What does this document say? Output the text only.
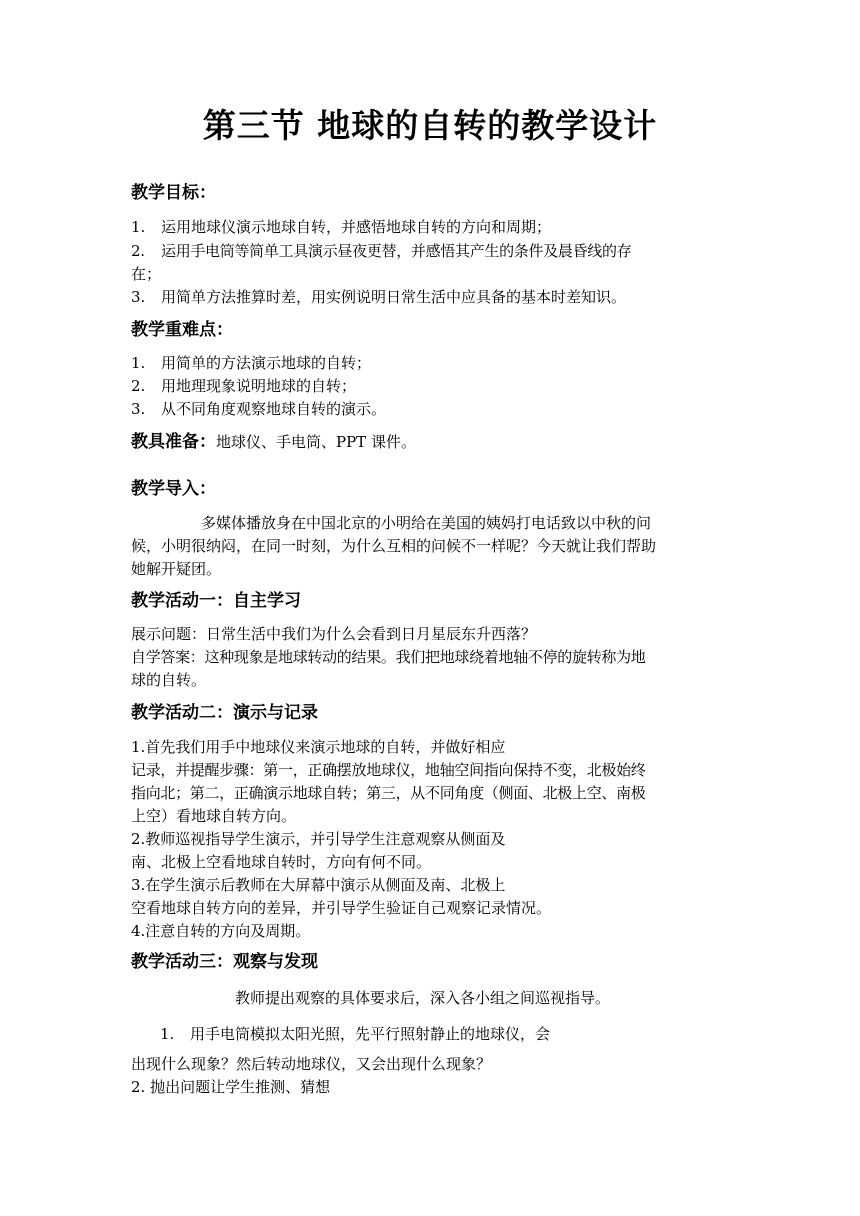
第三节 地球的自转的教学设计
教学目标：
1. 运用地球仪演示地球自转，并感悟地球自转的方向和周期；
2. 运用手电筒等简单工具演示昼夜更替，并感悟其产生的条件及晨昏线的存
在；
3. 用简单方法推算时差，用实例说明日常生活中应具备的基本时差知识。
教学重难点：
1. 用简单的方法演示地球的自转；
2. 用地理现象说明地球的自转；
3. 从不同角度观察地球自转的演示。
教具准备：地球仪、手电筒、PPT 课件。
教学导入：
多媒体播放身在中国北京的小明给在美国的姨妈打电话致以中秋的问
候，小明很纳闷，在同一时刻，为什么互相的问候不一样呢？今天就让我们帮助
她解开疑团。
教学活动一：自主学习
展示问题：日常生活中我们为什么会看到日月星辰东升西落？
自学答案：这种现象是地球转动的结果。我们把地球绕着地轴不停的旋转称为地
球的自转。
教学活动二：演示与记录
1.首先我们用手中地球仪来演示地球的自转，并做好相应
记录，并提醒步骤：第一，正确摆放地球仪，地轴空间指向保持不变，北极始终
指向北；第二，正确演示地球自转；第三，从不同角度（侧面、北极上空、南极
上空）看地球自转方向。
2.教师巡视指导学生演示，并引导学生注意观察从侧面及
南、北极上空看地球自转时，方向有何不同。
3.在学生演示后教师在大屏幕中演示从侧面及南、北极上
空看地球自转方向的差异，并引导学生验证自己观察记录情况。
4.注意自转的方向及周期。
教学活动三：观察与发现
教师提出观察的具体要求后，深入各小组之间巡视指导。
1. 用手电筒模拟太阳光照，先平行照射静止的地球仪，会
出现什么现象？然后转动地球仪，又会出现什么现象？
2. 抛出问题让学生推测、猜想
